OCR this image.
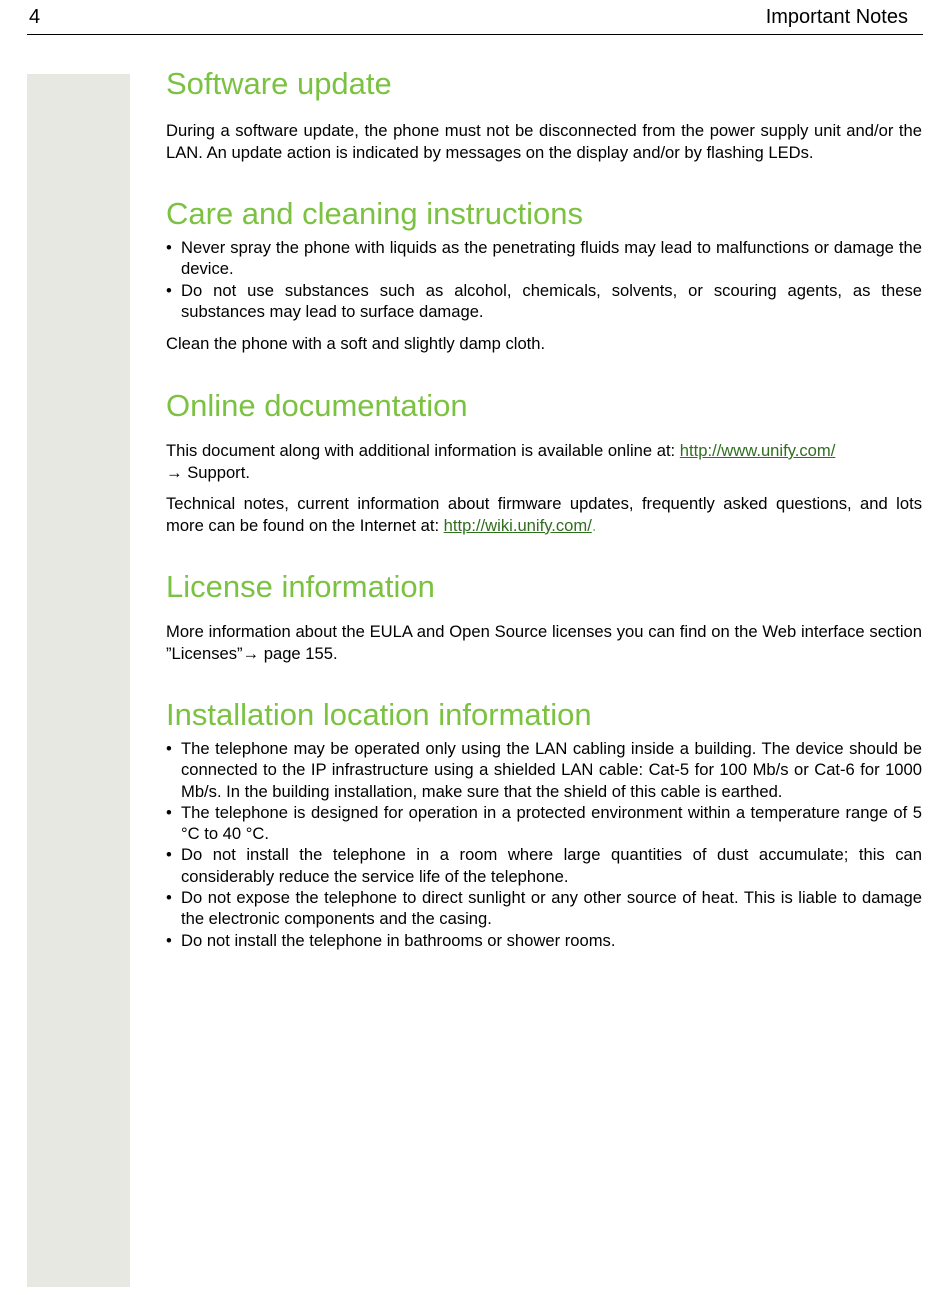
4	Important Notes
Software update

During a software update, the phone must not be disconnected from the power supply unit and/or the LAN. An update action is indicated by messages on the display and/or by flashing LEDs.

Care and cleaning instructions
• Never spray the phone with liquids as the penetrating fluids may lead to malfunctions or damage the device.
• Do not use substances such as alcohol, chemicals, solvents, or scouring agents, as these substances may lead to surface damage.

Clean the phone with a soft and slightly damp cloth.

Online documentation

This document along with additional information is available online at: http://www.unify.com/
→ Support.

Technical notes, current information about firmware updates, frequently asked questions, and lots more can be found on the Internet at: http://wiki.unify.com/.

License information

More information about the EULA and Open Source licenses you can find on the Web interface section ”Licenses”→ page 155.

Installation location information
• The telephone may be operated only using the LAN cabling inside a building. The device should be connected to the IP infrastructure using a shielded LAN cable: Cat-5 for 100 Mb/s or Cat-6 for 1000 Mb/s. In the building installation, make sure that the shield of this cable is earthed.
• The telephone is designed for operation in a protected environment within a temperature range of 5 °C to 40 °C.
• Do not install the telephone in a room where large quantities of dust accumulate; this can considerably reduce the service life of the telephone.
• Do not expose the telephone to direct sunlight or any other source of heat. This is liable to damage the electronic components and the casing.
• Do not install the telephone in bathrooms or shower rooms.
